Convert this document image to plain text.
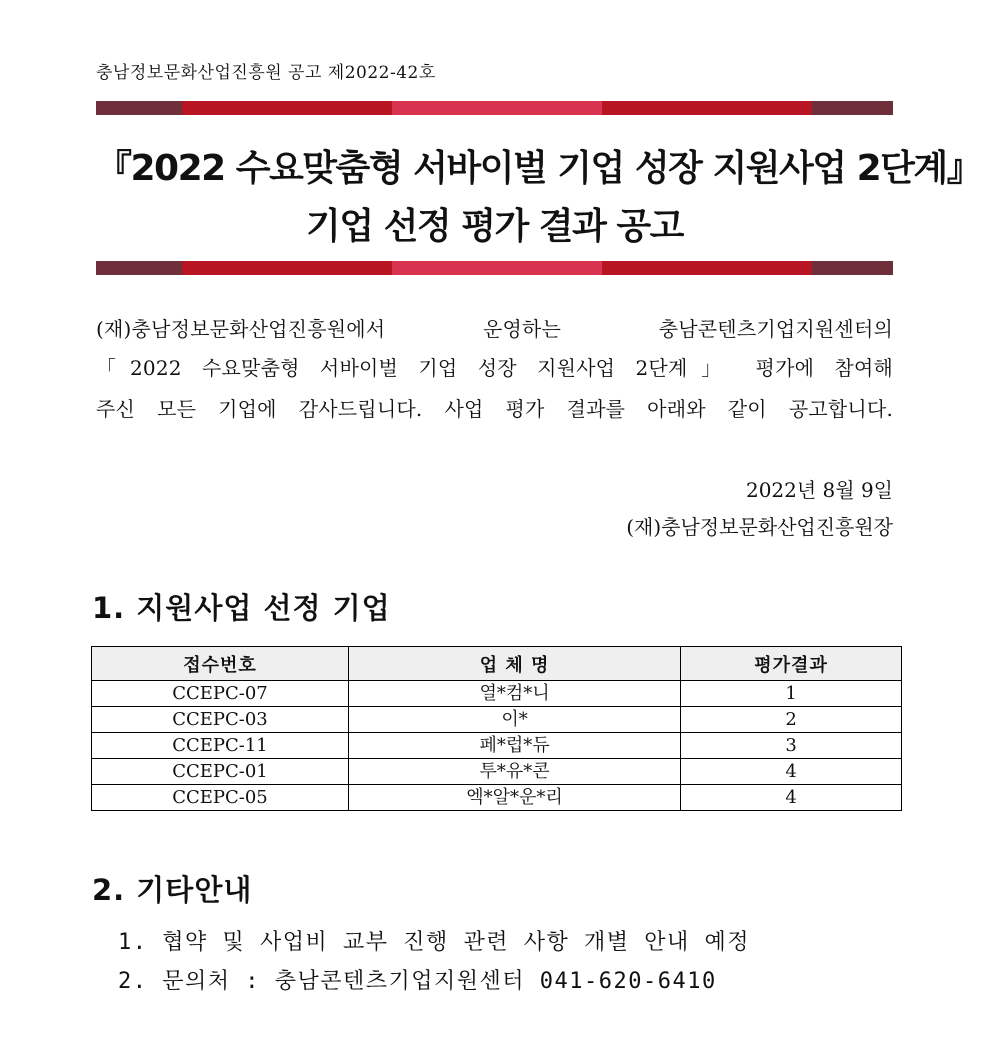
충남정보문화산업진흥원 공고 제2022-42호
『2022 수요맞춤형 서바이벌 기업 성장 지원사업 2단계』
기업 선정 평가 결과 공고
(재)충남정보문화산업진흥원에서 운영하는 충남콘텐츠기업지원센터의
「2022 수요맞춤형 서바이벌 기업 성장 지원사업 2단계」 평가에 참여해
주신 모든 기업에 감사드립니다. 사업 평가 결과를 아래와 같이 공고합니다.
2022년 8월 9일
(재)충남정보문화산업진흥원장
1. 지원사업 선정 기업
접수번호	업 체 명	평가결과
CCEPC-07	열*컴*니	1
CCEPC-03	이*	2
CCEPC-11	페*럽*듀	3
CCEPC-01	투*유*콘	4
CCEPC-05	엑*알*운*리	4
2. 기타안내
1. 협약 및 사업비 교부 진행 관련 사항 개별 안내 예정
2. 문의처 : 충남콘텐츠기업지원센터 041-620-6410
